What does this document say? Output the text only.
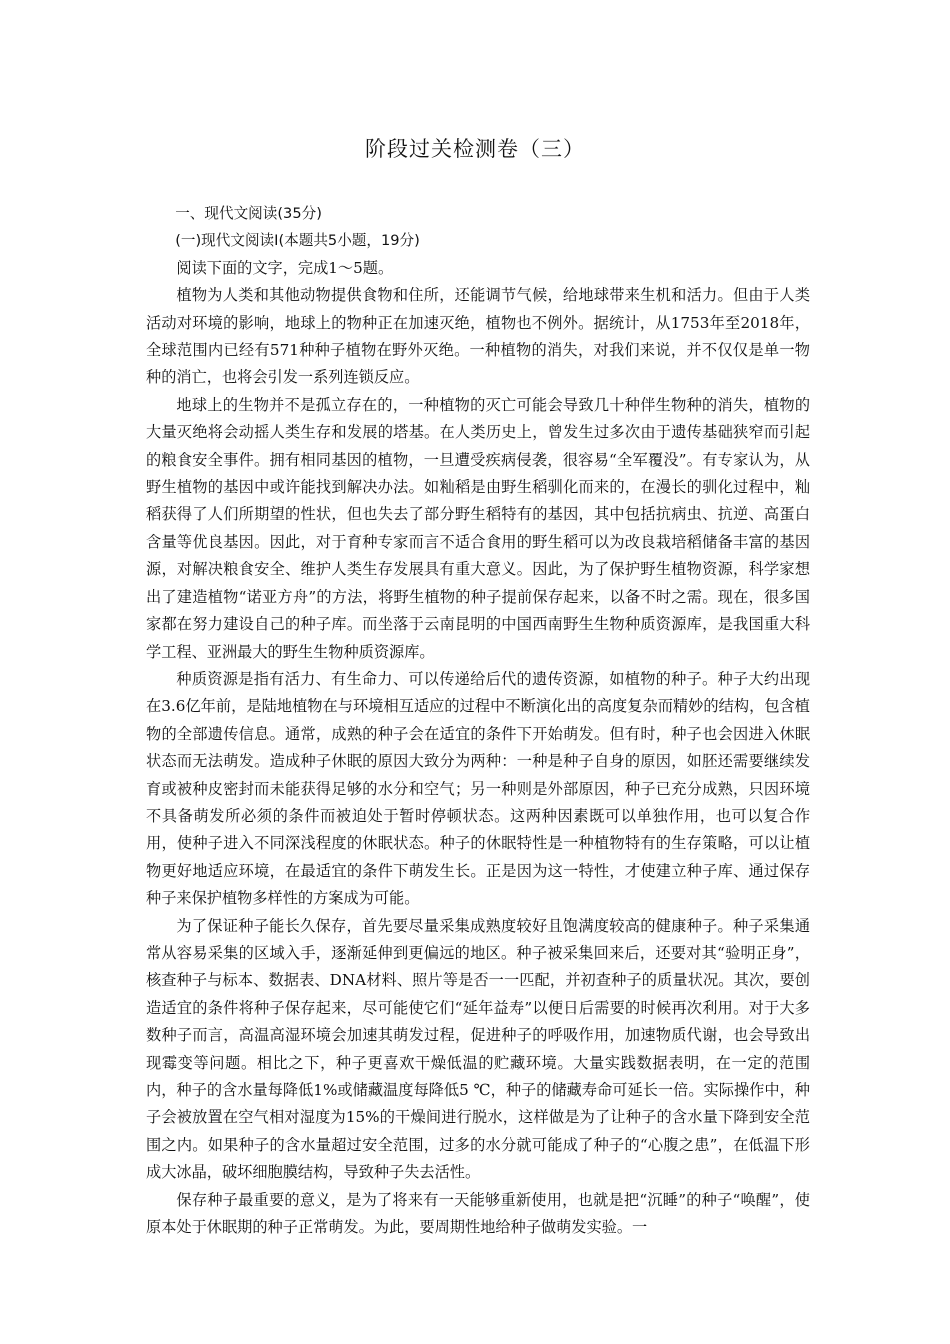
阶段过关检测卷（三）

一、现代文阅读(35分)

(一)现代文阅读Ⅰ(本题共5小题，19分)

阅读下面的文字，完成1～5题。

植物为人类和其他动物提供食物和住所，还能调节气候，给地球带来生机和活力。但由于人类活动对环境的影响，地球上的物种正在加速灭绝，植物也不例外。据统计，从1753年至2018年，全球范围内已经有571种种子植物在野外灭绝。一种植物的消失，对我们来说，并不仅仅是单一物种的消亡，也将会引发一系列连锁反应。

地球上的生物并不是孤立存在的，一种植物的灭亡可能会导致几十种伴生物种的消失，植物的大量灭绝将会动摇人类生存和发展的塔基。在人类历史上，曾发生过多次由于遗传基础狭窄而引起的粮食安全事件。拥有相同基因的植物，一旦遭受疾病侵袭，很容易“全军覆没”。有专家认为，从野生植物的基因中或许能找到解决办法。如籼稻是由野生稻驯化而来的，在漫长的驯化过程中，籼稻获得了人们所期望的性状，但也失去了部分野生稻特有的基因，其中包括抗病虫、抗逆、高蛋白含量等优良基因。因此，对于育种专家而言不适合食用的野生稻可以为改良栽培稻储备丰富的基因源，对解决粮食安全、维护人类生存发展具有重大意义。因此，为了保护野生植物资源，科学家想出了建造植物“诺亚方舟”的方法，将野生植物的种子提前保存起来，以备不时之需。现在，很多国家都在努力建设自己的种子库。而坐落于云南昆明的中国西南野生生物种质资源库，是我国重大科学工程、亚洲最大的野生生物种质资源库。

种质资源是指有活力、有生命力、可以传递给后代的遗传资源，如植物的种子。种子大约出现在3.6亿年前，是陆地植物在与环境相互适应的过程中不断演化出的高度复杂而精妙的结构，包含植物的全部遗传信息。通常，成熟的种子会在适宜的条件下开始萌发。但有时，种子也会因进入休眠状态而无法萌发。造成种子休眠的原因大致分为两种：一种是种子自身的原因，如胚还需要继续发育或被种皮密封而未能获得足够的水分和空气；另一种则是外部原因，种子已充分成熟，只因环境不具备萌发所必须的条件而被迫处于暂时停顿状态。这两种因素既可以单独作用，也可以复合作用，使种子进入不同深浅程度的休眠状态。种子的休眠特性是一种植物特有的生存策略，可以让植物更好地适应环境，在最适宜的条件下萌发生长。正是因为这一特性，才使建立种子库、通过保存种子来保护植物多样性的方案成为可能。

为了保证种子能长久保存，首先要尽量采集成熟度较好且饱满度较高的健康种子。种子采集通常从容易采集的区域入手，逐渐延伸到更偏远的地区。种子被采集回来后，还要对其“验明正身”，核查种子与标本、数据表、DNA材料、照片等是否一一匹配，并初查种子的质量状况。其次，要创造适宜的条件将种子保存起来，尽可能使它们“延年益寿”以便日后需要的时候再次利用。对于大多数种子而言，高温高湿环境会加速其萌发过程，促进种子的呼吸作用，加速物质代谢，也会导致出现霉变等问题。相比之下，种子更喜欢干燥低温的贮藏环境。大量实践数据表明，在一定的范围内，种子的含水量每降低1%或储藏温度每降低5 ℃，种子的储藏寿命可延长一倍。实际操作中，种子会被放置在空气相对湿度为15%的干燥间进行脱水，这样做是为了让种子的含水量下降到安全范围之内。如果种子的含水量超过安全范围，过多的水分就可能成了种子的“心腹之患”，在低温下形成大冰晶，破坏细胞膜结构，导致种子失去活性。

保存种子最重要的意义，是为了将来有一天能够重新使用，也就是把“沉睡”的种子“唤醒”，使原本处于休眠期的种子正常萌发。为此，要周期性地给种子做萌发实验。一
